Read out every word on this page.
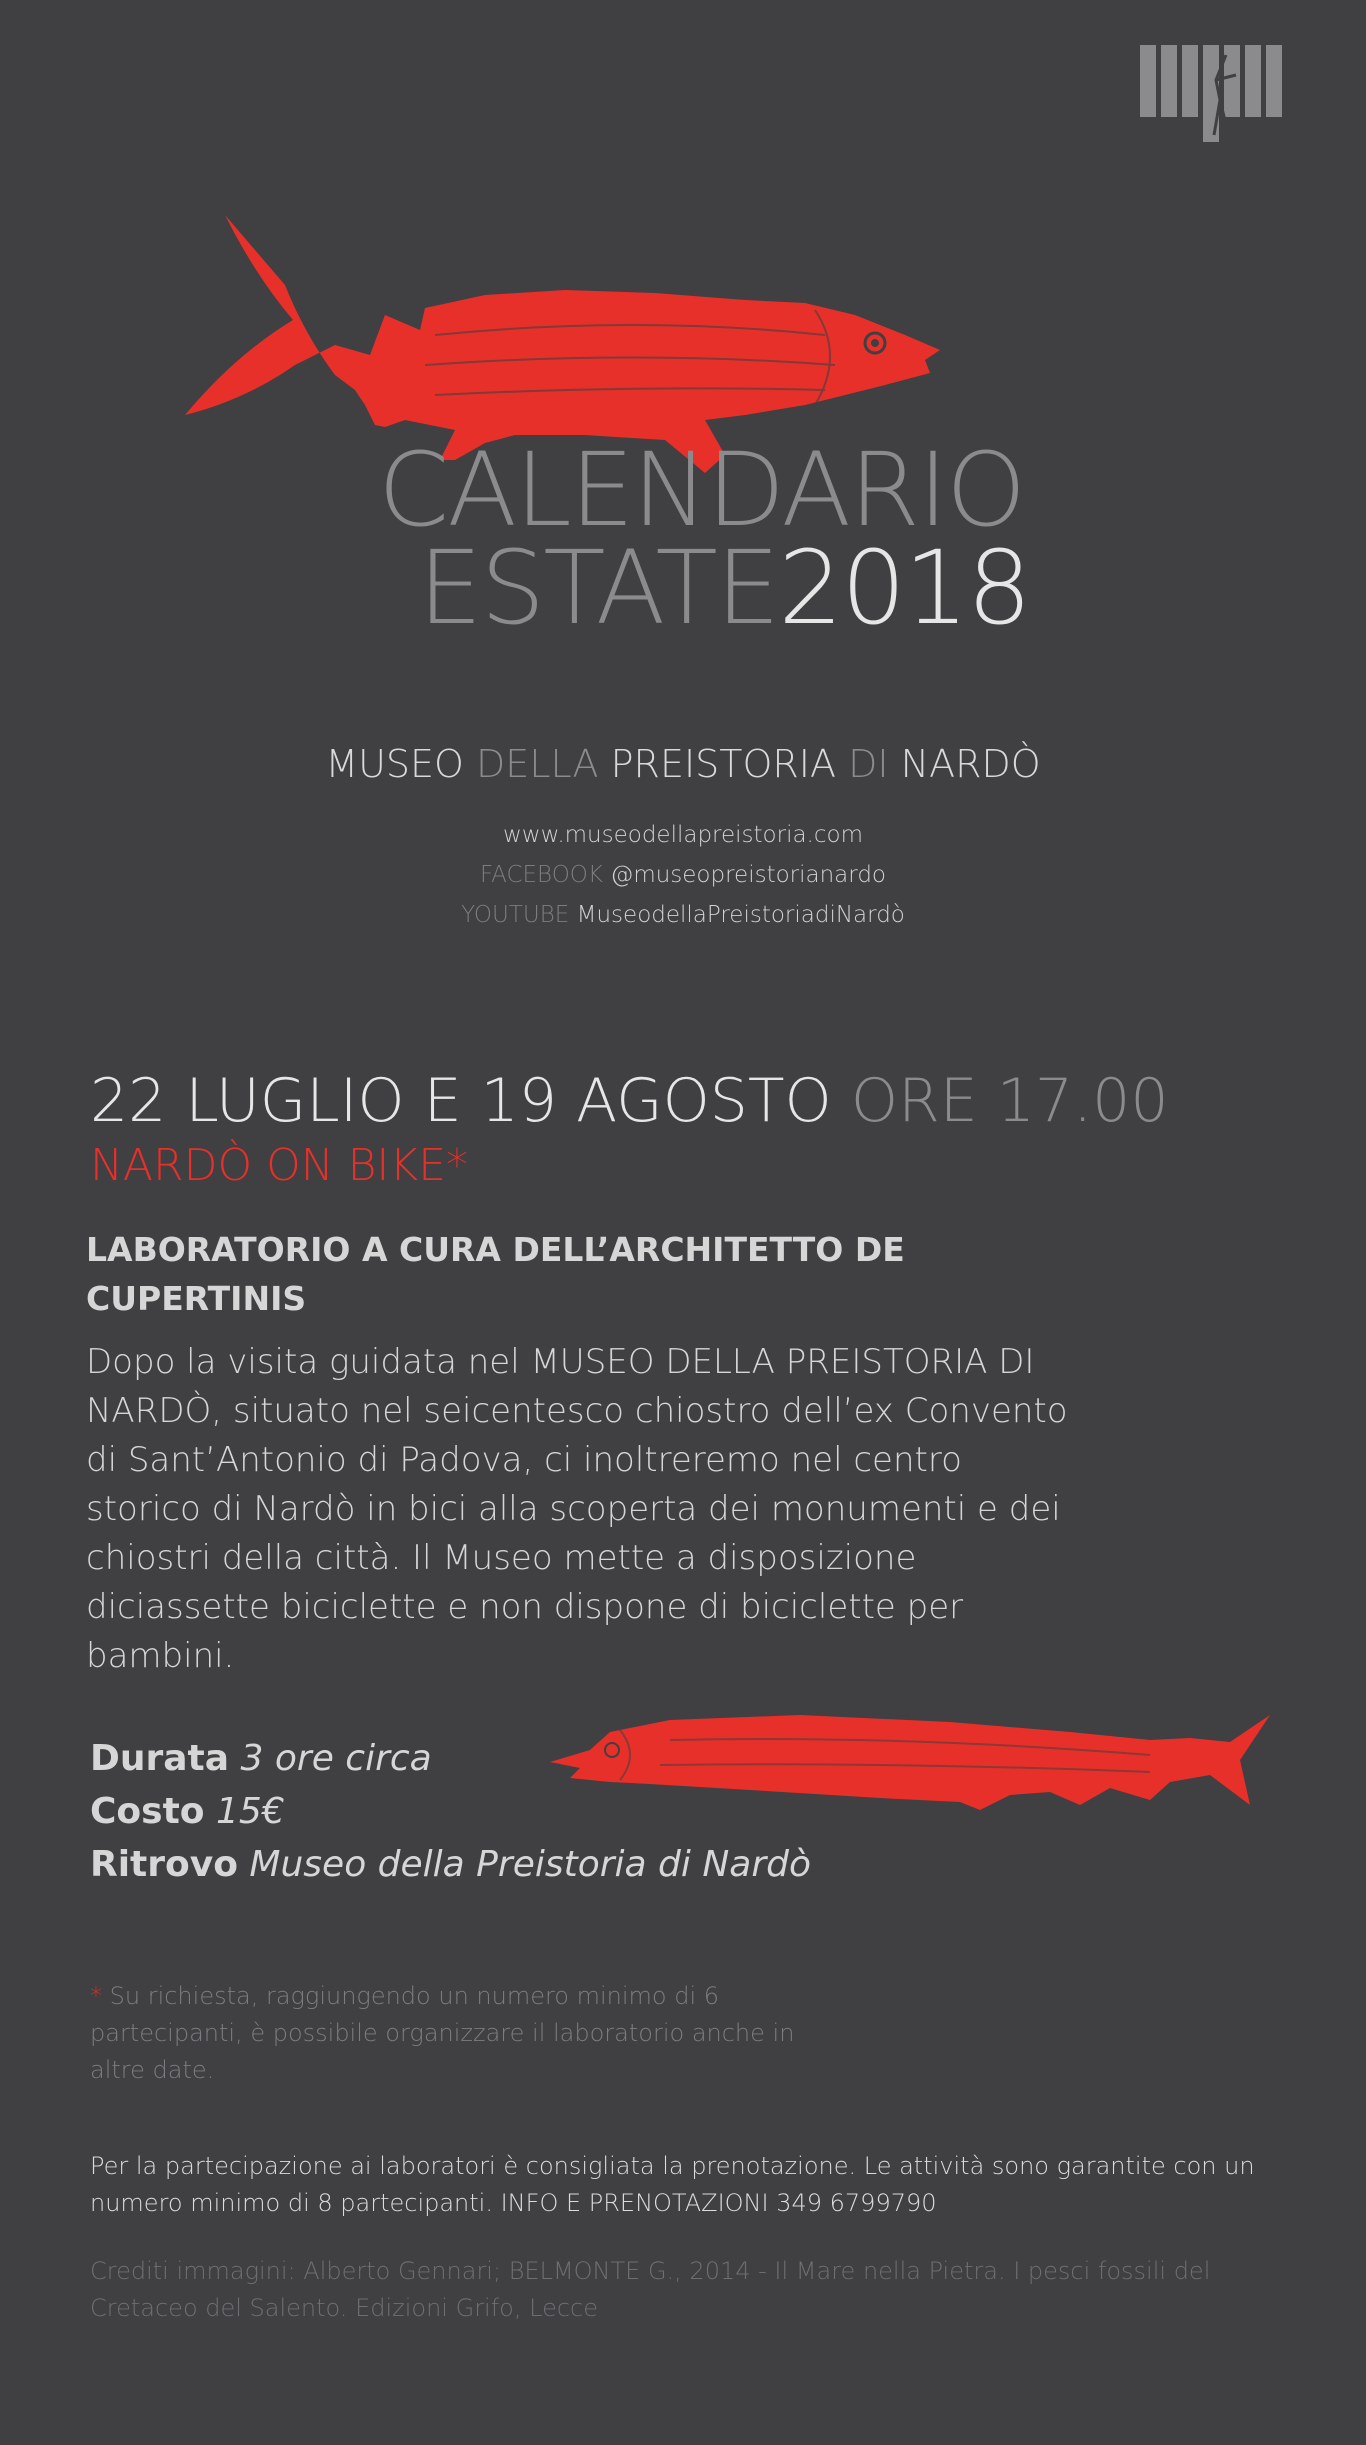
CALENDARIO
ESTATE2018
MUSEO DELLA PREISTORIA DI NARDÒ
www.museodellapreistoria.com
FACEBOOK @museopreistorianardo
YOUTUBE MuseodellaPreistoriadiNardò
22 LUGLIO E 19 AGOSTO ORE 17.00
NARDÒ ON BIKE*
LABORATORIO A CURA DELL’ARCHITETTO DE CUPERTINIS
Dopo la visita guidata nel MUSEO DELLA PREISTORIA DI NARDÒ, situato nel seicentesco chiostro dell’ex Convento di Sant’Antonio di Padova, ci inoltreremo nel centro storico di Nardò in bici alla scoperta dei monumenti e dei chiostri della città. Il Museo mette a disposizione diciassette biciclette e non dispone di biciclette per bambini.
Durata 3 ore circa
Costo 15€
Ritrovo Museo della Preistoria di Nardò
* Su richiesta, raggiungendo un numero minimo di 6 partecipanti, è possibile organizzare il laboratorio anche in altre date.
Per la partecipazione ai laboratori è consigliata la prenotazione. Le attività sono garantite con un numero minimo di 8 partecipanti. INFO E PRENOTAZIONI 349 6799790
Crediti immagini: Alberto Gennari; BELMONTE G., 2014 - Il Mare nella Pietra. I pesci fossili del Cretaceo del Salento. Edizioni Grifo, Lecce
